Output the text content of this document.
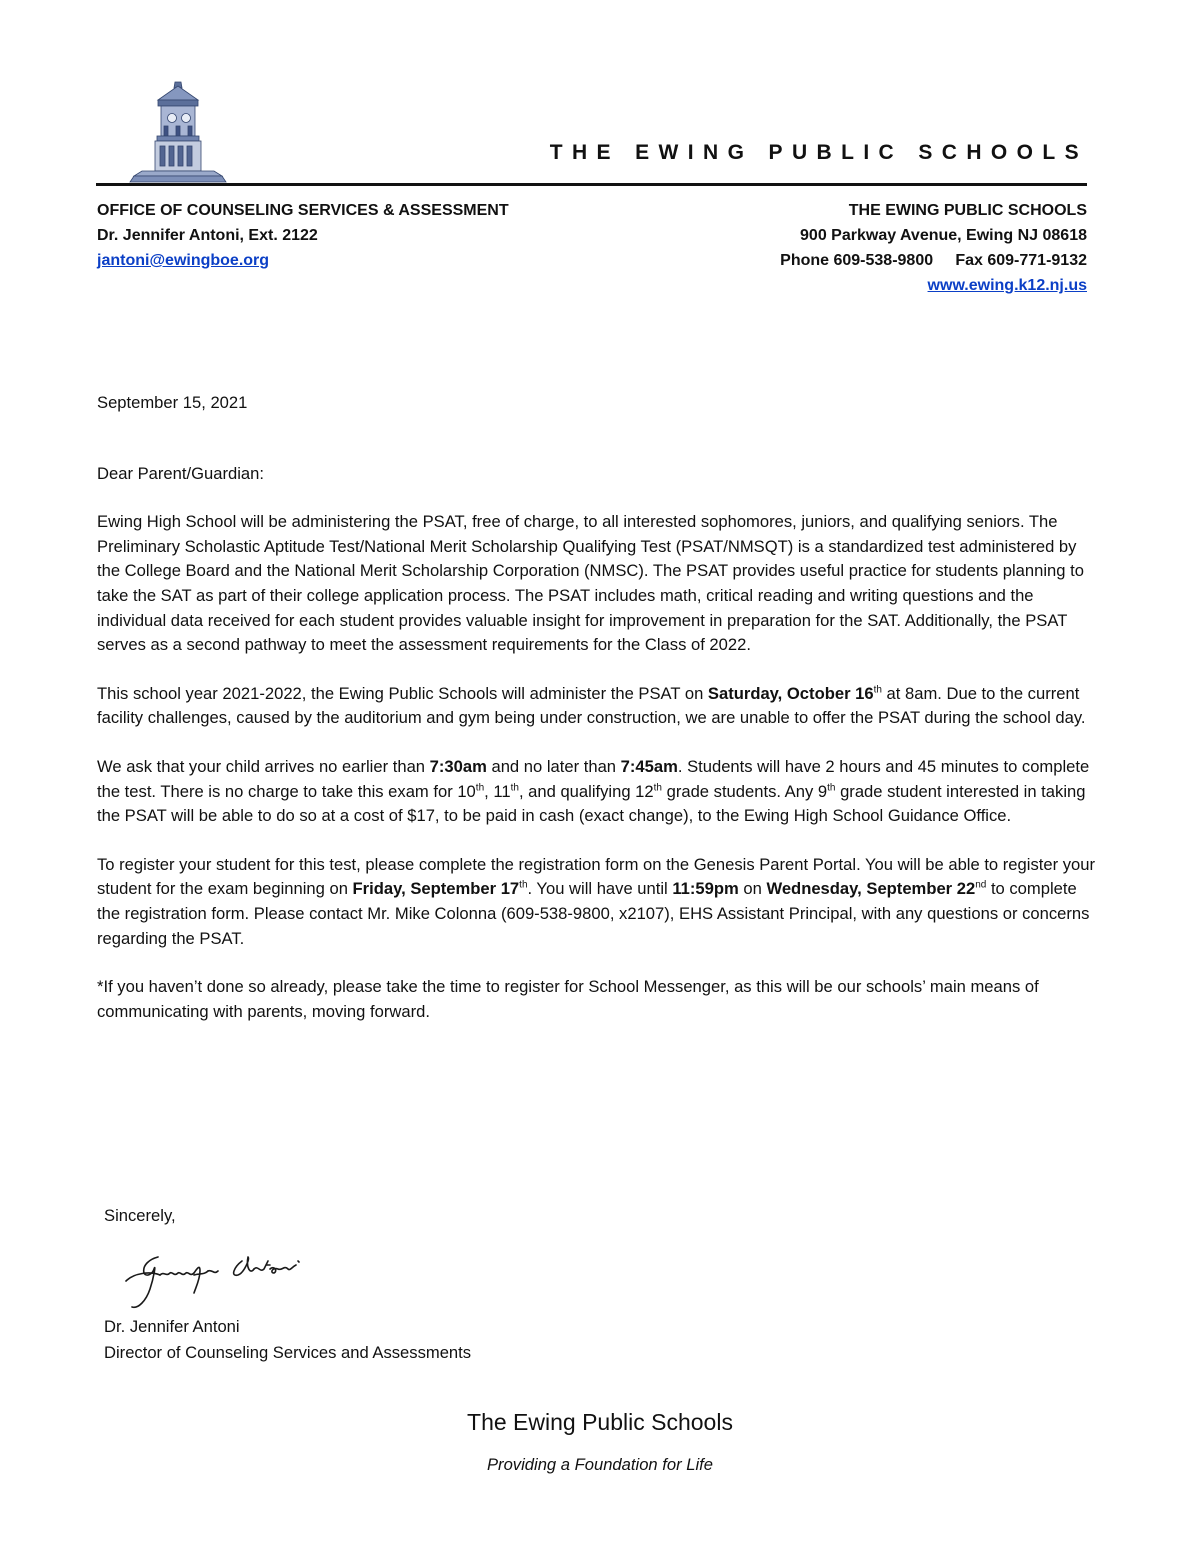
THE EWING PUBLIC SCHOOLS
OFFICE OF COUNSELING SERVICES & ASSESSMENT
Dr. Jennifer Antoni, Ext. 2122
jantoni@ewingboe.org
THE EWING PUBLIC SCHOOLS
900 Parkway Avenue, Ewing NJ 08618
Phone 609-538-9800     Fax 609-771-9132
www.ewing.k12.nj.us

September 15, 2021

Dear Parent/Guardian:

Ewing High School will be administering the PSAT, free of charge, to all interested sophomores, juniors, and qualifying seniors. The Preliminary Scholastic Aptitude Test/National Merit Scholarship Qualifying Test (PSAT/NMSQT) is a standardized test administered by the College Board and the National Merit Scholarship Corporation (NMSC). The PSAT provides useful practice for students planning to take the SAT as part of their college application process. The PSAT includes math, critical reading and writing questions and the individual data received for each student provides valuable insight for improvement in preparation for the SAT. Additionally, the PSAT serves as a second pathway to meet the assessment requirements for the Class of 2022.

This school year 2021-2022, the Ewing Public Schools will administer the PSAT on Saturday, October 16th at 8am. Due to the current facility challenges, caused by the auditorium and gym being under construction, we are unable to offer the PSAT during the school day.

We ask that your child arrives no earlier than 7:30am and no later than 7:45am. Students will have 2 hours and 45 minutes to complete the test. There is no charge to take this exam for 10th, 11th, and qualifying 12th grade students. Any 9th grade student interested in taking the PSAT will be able to do so at a cost of $17, to be paid in cash (exact change), to the Ewing High School Guidance Office.

To register your student for this test, please complete the registration form on the Genesis Parent Portal. You will be able to register your student for the exam beginning on Friday, September 17th. You will have until 11:59pm on Wednesday, September 22nd to complete the registration form. Please contact Mr. Mike Colonna (609-538-9800, x2107), EHS Assistant Principal, with any questions or concerns regarding the PSAT.

*If you haven’t done so already, please take the time to register for School Messenger, as this will be our schools’ main means of communicating with parents, moving forward.

Sincerely,
Dr. Jennifer Antoni
Director of Counseling Services and Assessments
The Ewing Public Schools
Providing a Foundation for Life
